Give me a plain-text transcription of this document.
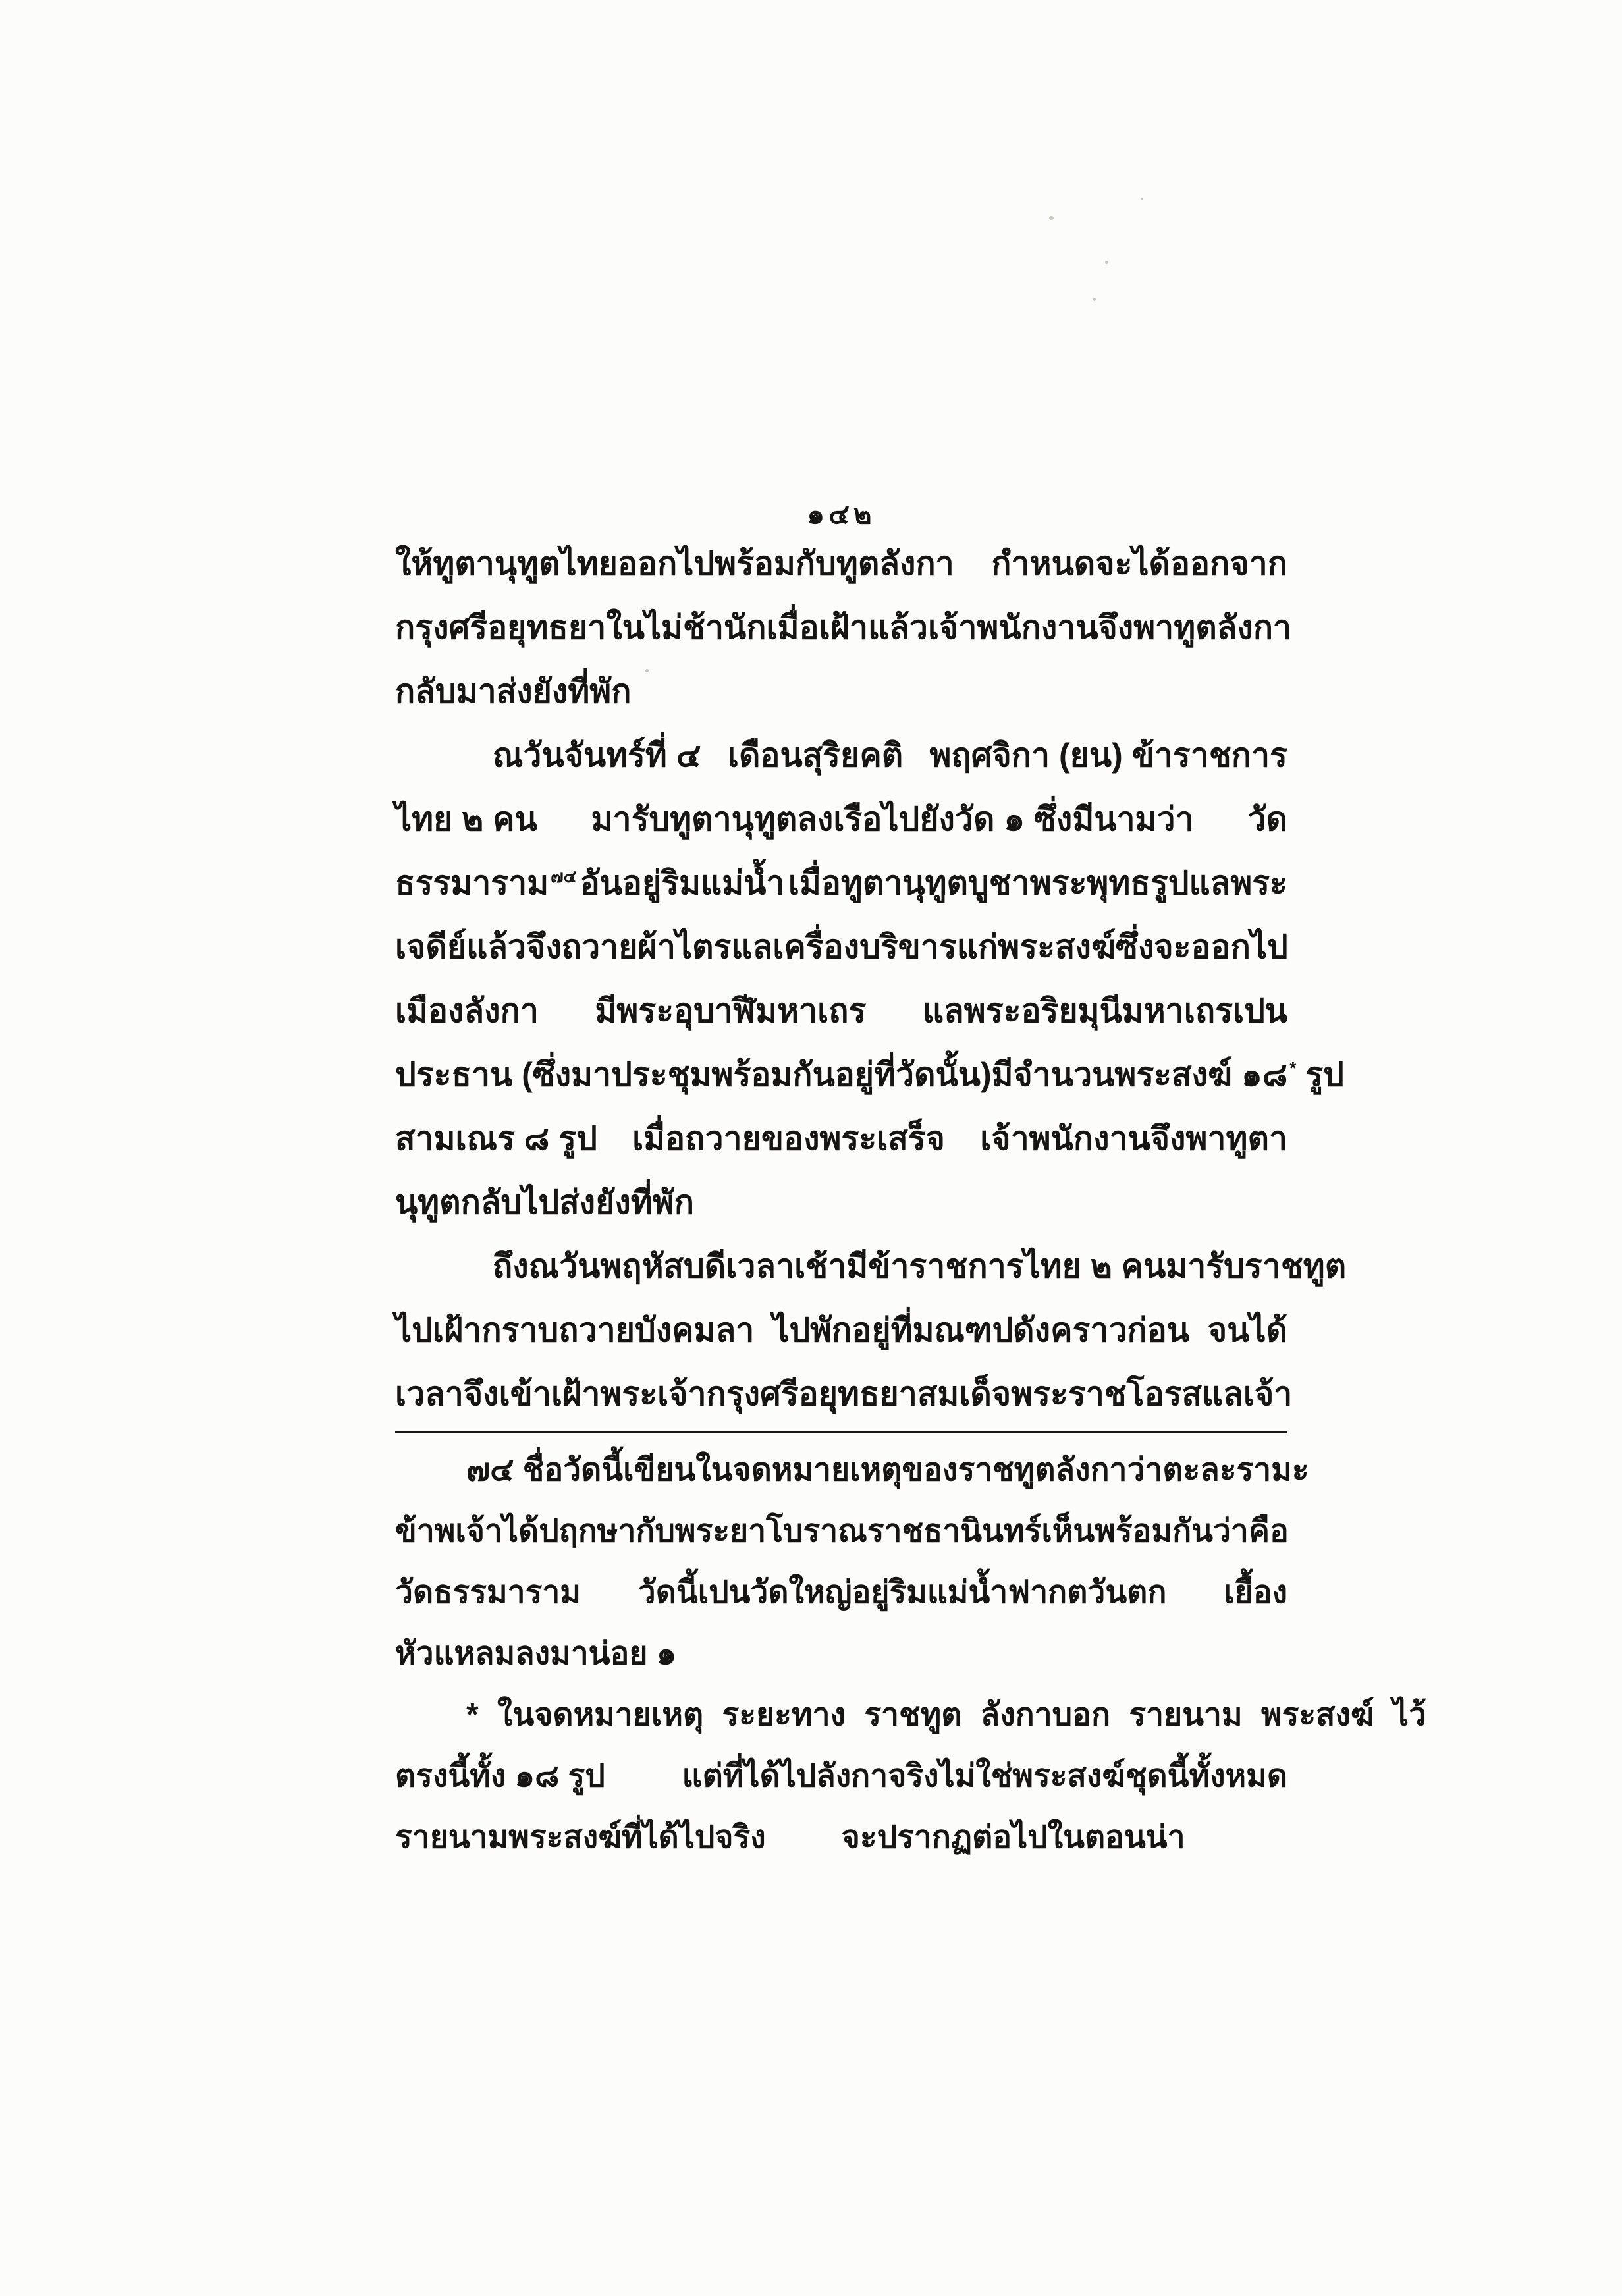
๑๔๒
ให้ทูตานุทูตไทยออกไปพร้อมกับทูตลังกา กำหนดจะได้ออกจาก
กรุงศรีอยุทธยาในไม่ช้านัก เมื่อเฝ้าแล้ว เจ้าพนักงานจึงพาทูตลังกา
กลับมาส่งยังที่พัก
ณวันจันทร์ที่ ๔ เดือนสุริยคติ พฤศจิกา (ยน) ข้าราชการ
ไทย ๒ คน มารับทูตานุทูตลงเรือไปยังวัด ๑ ซึ่งมีนามว่า วัด
ธรรมาราม $^{๗๔}$ อันอยู่ริมแม่น้ำ เมื่อทูตานุทูตบูชาพระพุทธรูปแลพระ
เจดีย์แล้ว จึงถวายผ้าไตรแลเครื่องบริขารแก่พระสงฆ์ซึ่งจะออกไป
เมืองลังกา มีพระอุบาฬีมหาเถร แลพระอริยมุนีมหาเถรเปน
ประธาน (ซึ่งมาประชุมพร้อมกันอยู่ที่วัดนั้น) มีจำนวนพระสงฆ์ ๑๘ * รูป
สามเณร ๘ รูป เมื่อถวายของพระเสร็จ เจ้าพนักงานจึงพาทูตา
นุทูตกลับไปส่งยังที่พัก
ถึงณวันพฤหัสบดีเวลาเช้า มีข้าราชการไทย ๒ คนมารับราชทูต
ไปเฝ้ากราบถวายบังคมลา ไปพักอยู่ที่มณฑปดังคราวก่อน จนได้
เวลาจึงเข้าเฝ้าพระเจ้ากรุงศรีอยุทธยา สมเด็จพระราชโอรสแลเจ้า
๗๔ ชื่อวัดนี้ เขียนในจดหมายเหตุของราชทูตลังกาว่าตะละรามะ
ข้าพเจ้าได้ปฤกษากับพระยาโบราณราชธานินทร์เห็นพร้อมกันว่า คือ
วัดธรรมาราม วัดนี้เปนวัดใหญ่อยู่ริมแม่น้ำฟากตวันตก เยื้อง
หัวแหลมลงมาน่อย ๑
* ในจดหมายเหตุ ระยะทาง ราชทูต ลังกาบอก รายนาม พระสงฆ์ ไว้
ตรงนี้ทั้ง ๑๘ รูป แต่ที่ได้ไปลังกาจริงไม่ใช่พระสงฆ์ชุดนี้ทั้งหมด
รายนามพระสงฆ์ที่ได้ไปจริง จะปรากฏต่อไปในตอนน่า
